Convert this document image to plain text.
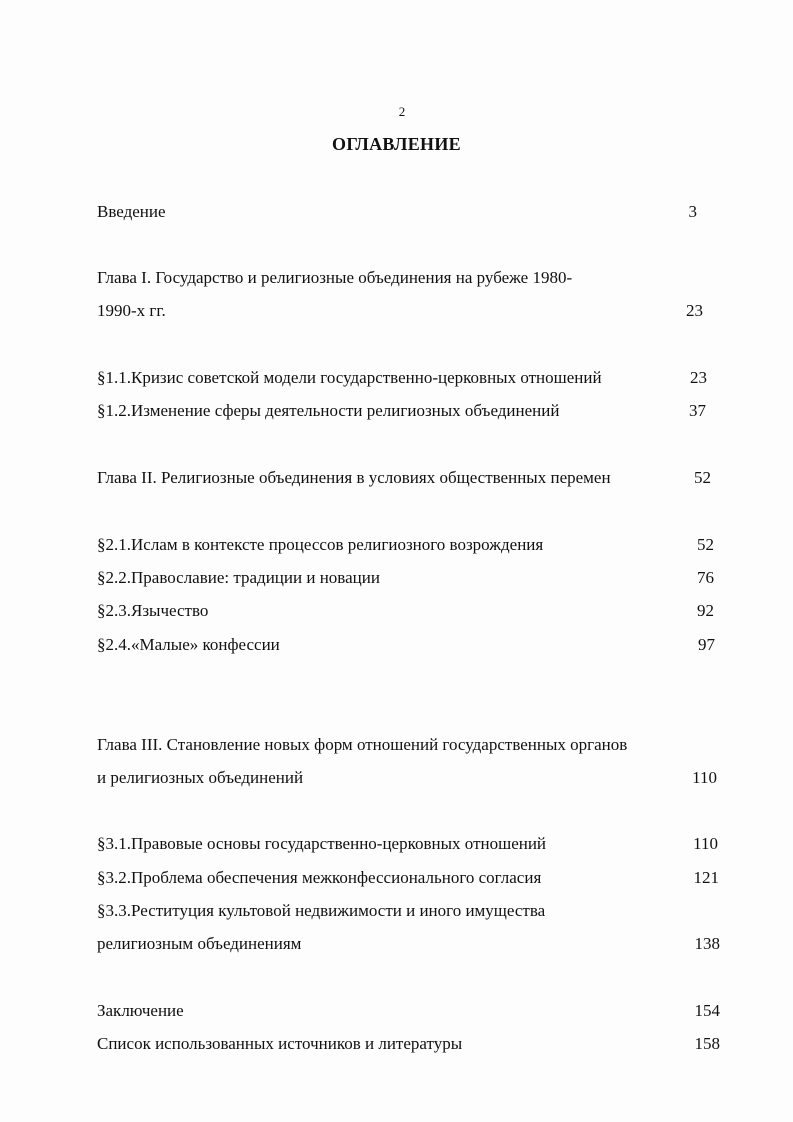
2
ОГЛАВЛЕНИЕ
Введение	3
Глава I. Государство и религиозные объединения на рубеже 1980-
1990-х гг.	23
§1.1.Кризис советской модели государственно-церковных отношений	23
§1.2.Изменение сферы деятельности религиозных объединений	37
Глава II. Религиозные объединения в условиях общественных перемен	52
§2.1.Ислам в контексте процессов религиозного возрождения	52
§2.2.Православие: традиции и новации	76
§2.3.Язычество	92
§2.4.«Малые» конфессии	97
Глава III. Становление новых форм отношений государственных органов
и религиозных объединений	110
§3.1.Правовые основы государственно-церковных отношений	110
§3.2.Проблема обеспечения межконфессионального согласия	121
§3.3.Реституция культовой недвижимости и иного имущества
религиозным объединениям	138
Заключение	154
Список использованных источников и литературы	158
